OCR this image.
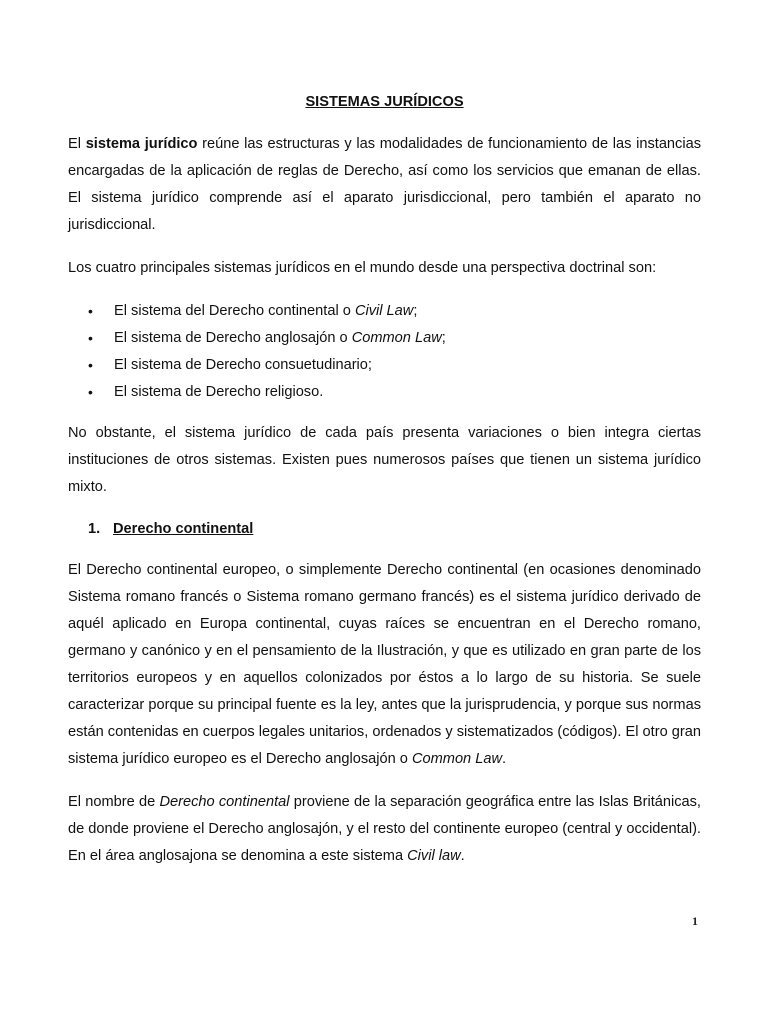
SISTEMAS JURÍDICOS

El sistema jurídico reúne las estructuras y las modalidades de funcionamiento de las instancias encargadas de la aplicación de reglas de Derecho, así como los servicios que emanan de ellas. El sistema jurídico comprende así el aparato jurisdiccional, pero también el aparato no jurisdiccional.

Los cuatro principales sistemas jurídicos en el mundo desde una perspectiva doctrinal son:

• El sistema del Derecho continental o Civil Law;
• El sistema de Derecho anglosajón o Common Law;
• El sistema de Derecho consuetudinario;
• El sistema de Derecho religioso.

No obstante, el sistema jurídico de cada país presenta variaciones o bien integra ciertas instituciones de otros sistemas. Existen pues numerosos países que tienen un sistema jurídico mixto.

1. Derecho continental

El Derecho continental europeo, o simplemente Derecho continental (en ocasiones denominado Sistema romano francés o Sistema romano germano francés) es el sistema jurídico derivado de aquél aplicado en Europa continental, cuyas raíces se encuentran en el Derecho romano, germano y canónico y en el pensamiento de la Ilustración, y que es utilizado en gran parte de los territorios europeos y en aquellos colonizados por éstos a lo largo de su historia. Se suele caracterizar porque su principal fuente es la ley, antes que la jurisprudencia, y porque sus normas están contenidas en cuerpos legales unitarios, ordenados y sistematizados (códigos). El otro gran sistema jurídico europeo es el Derecho anglosajón o Common Law.

El nombre de Derecho continental proviene de la separación geográfica entre las Islas Británicas, de donde proviene el Derecho anglosajón, y el resto del continente europeo (central y occidental). En el área anglosajona se denomina a este sistema Civil law.

1
